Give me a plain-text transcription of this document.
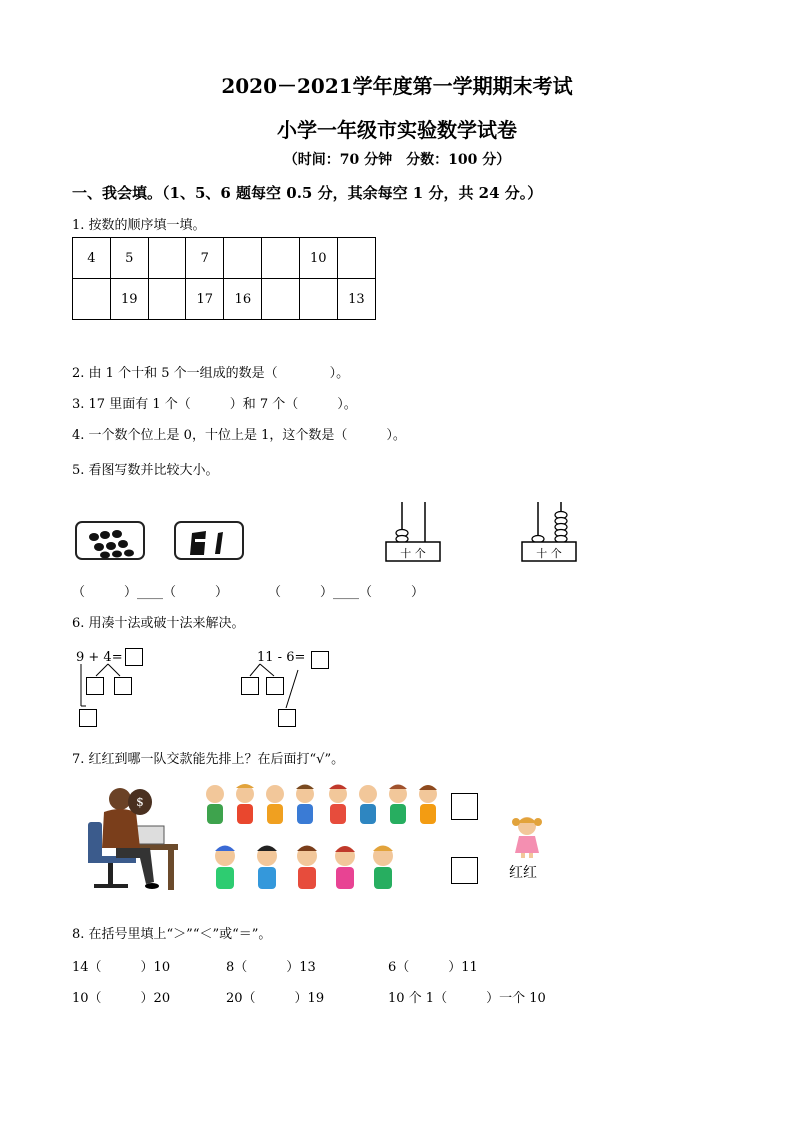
2020－2021学年度第一学期期末考试
小学一年级市实验数学试卷
（时间：70 分钟　分数：100 分）
一、我会填。（1、5、6 题每空 0.5 分，其余每空 1 分，共 24 分。）
1. 按数的顺序填一填。
4	5		7			10	
	19		17	16			13
2. 由 1 个十和 5 个一组成的数是（　　　　）。
3. 17 里面有 1 个（　　　）和 7 个（　　　）。
4. 一个数个位上是 0，十位上是 1，这个数是（　　　）。
5. 看图写数并比较大小。
十 个	十 个
（　　　）____（　　　）	（　　　）____（　　　）
6. 用凑十法或破十法来解决。
9 + 4=	11 - 6=
7. 红红到哪一队交款能先排上？在后面打“√”。
$
红红
8. 在括号里填上“＞”“＜”或“＝”。
14（　　　）10	8（　　　）13	6（　　　）11
10（　　　）20	20（　　　）19	10 个 1（　　　）一个 10
